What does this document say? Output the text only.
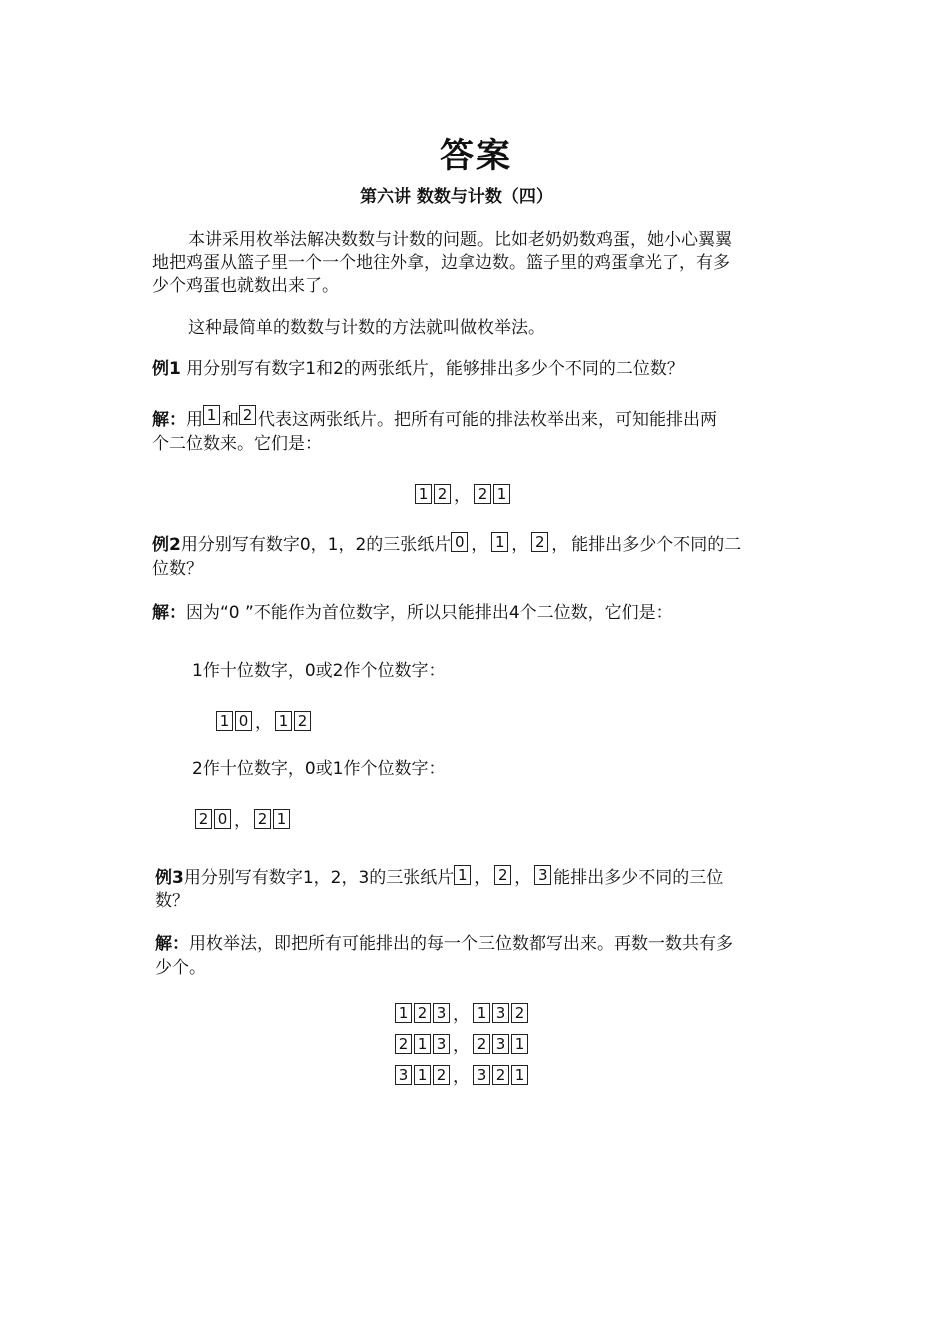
答案
第六讲 数数与计数（四）
本讲采用枚举法解决数数与计数的问题。比如老奶奶数鸡蛋，她小心翼翼
地把鸡蛋从篮子里一个一个地往外拿，边拿边数。篮子里的鸡蛋拿光了，有多
少个鸡蛋也就数出来了。
这种最简单的数数与计数的方法就叫做枚举法。
例1 用分别写有数字1和2的两张纸片，能够排出多少个不同的二位数？
解： 用 1 和 2 代表这两张纸片。把所有可能的排法枚举出来，可知能排出两
个二位数来。它们是：
1 2 ， 2 1
例2 用分别写有数字0，1，2的三张纸片 0 ， 1 ， 2 ， 能排出多少个不同的二
位数？
解：因为“0 ”不能作为首位数字，所以只能排出4个二位数，它们是：
1作十位数字，0或2作个位数字：
1 0 ， 1 2
2作十位数字，0或1作个位数字：
2 0 ， 2 1
例3 用分别写有数字1，2，3的三张纸片 1 ， 2 ， 3 能排出多少不同的三位
数？
解：用枚举法，即把所有可能排出的每一个三位数都写出来。再数一数共有多
少个。
1 2 3 ， 1 3 2
2 1 3 ， 2 3 1
3 1 2 ， 3 2 1
